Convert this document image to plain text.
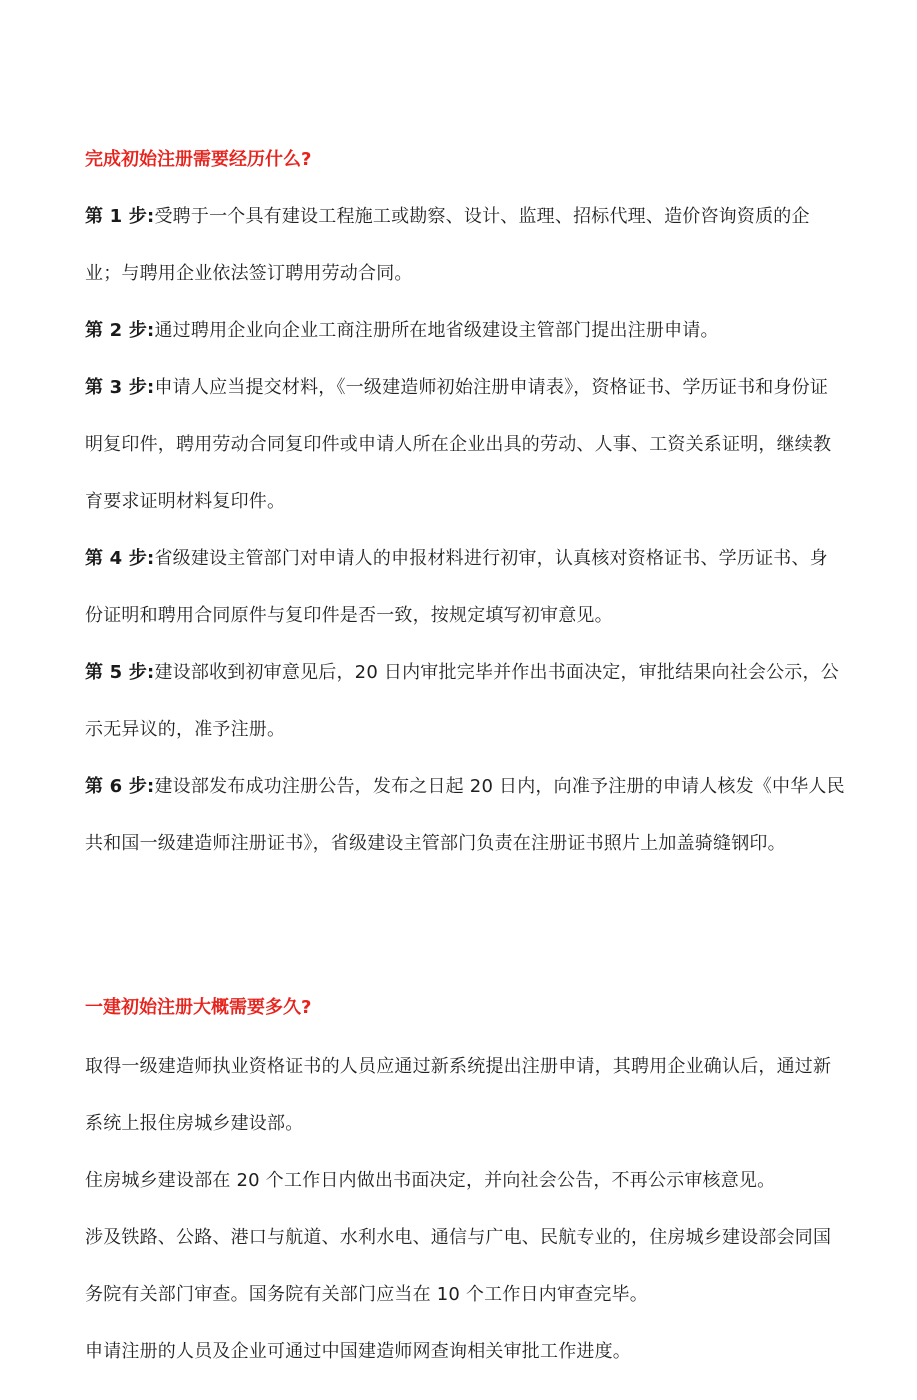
完成初始注册需要经历什么?

第 1 步:受聘于一个具有建设工程施工或勘察、设计、监理、招标代理、造价咨询资质的企业；与聘用企业依法签订聘用劳动合同。

第 2 步:通过聘用企业向企业工商注册所在地省级建设主管部门提出注册申请。

第 3 步:申请人应当提交材料，《一级建造师初始注册申请表》，资格证书、学历证书和身份证明复印件，聘用劳动合同复印件或申请人所在企业出具的劳动、人事、工资关系证明，继续教育要求证明材料复印件。

第 4 步:省级建设主管部门对申请人的申报材料进行初审，认真核对资格证书、学历证书、身份证明和聘用合同原件与复印件是否一致，按规定填写初审意见。

第 5 步:建设部收到初审意见后，20 日内审批完毕并作出书面决定，审批结果向社会公示，公示无异议的，准予注册。

第 6 步:建设部发布成功注册公告，发布之日起 20 日内，向准予注册的申请人核发《中华人民共和国一级建造师注册证书》，省级建设主管部门负责在注册证书照片上加盖骑缝钢印。

一建初始注册大概需要多久?

取得一级建造师执业资格证书的人员应通过新系统提出注册申请，其聘用企业确认后，通过新系统上报住房城乡建设部。

住房城乡建设部在 20 个工作日内做出书面决定，并向社会公告，不再公示审核意见。

涉及铁路、公路、港口与航道、水利水电、通信与广电、民航专业的，住房城乡建设部会同国务院有关部门审查。国务院有关部门应当在 10 个工作日内审查完毕。

申请注册的人员及企业可通过中国建造师网查询相关审批工作进度。
